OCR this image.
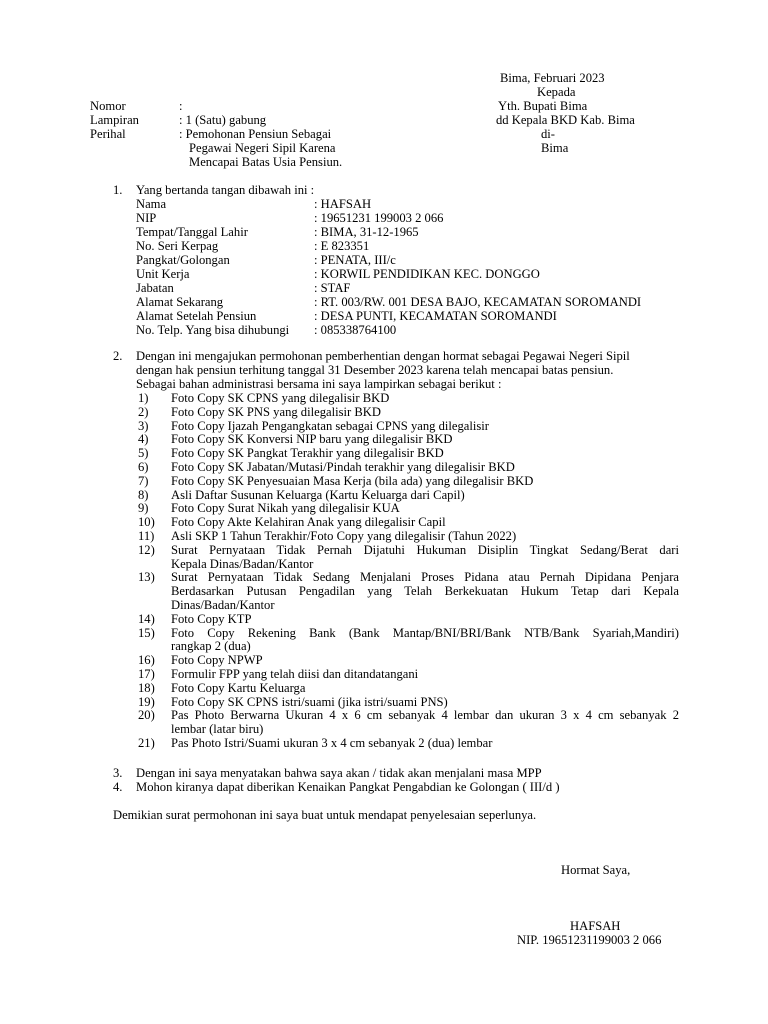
Bima, Februari 2023
Kepada
Yth. Bupati Bima
dd Kepala BKD Kab. Bima
di-
Bima
Nomor	:
Lampiran	: 1 (Satu) gabung
Perihal	: Pemohonan Pensiun Sebagai
Pegawai Negeri Sipil Karena
Mencapai Batas Usia Pensiun.
1. Yang bertanda tangan dibawah ini :
Nama	: HAFSAH
NIP	: 19651231 199003 2 066
Tempat/Tanggal Lahir	: BIMA, 31-12-1965
No. Seri Kerpag	: E 823351
Pangkat/Golongan	: PENATA, III/c
Unit Kerja	: KORWIL PENDIDIKAN KEC. DONGGO
Jabatan	: STAF
Alamat Sekarang	: RT. 003/RW. 001 DESA BAJO, KECAMATAN SOROMANDI
Alamat Setelah Pensiun	: DESA PUNTI, KECAMATAN SOROMANDI
No. Telp. Yang bisa dihubungi : 085338764100
2. Dengan ini mengajukan permohonan pemberhentian dengan hormat sebagai Pegawai Negeri Sipil
dengan hak pensiun terhitung tanggal 31 Desember 2023 karena telah mencapai batas pensiun.
Sebagai bahan administrasi bersama ini saya lampirkan sebagai berikut :
1) Foto Copy SK CPNS yang dilegalisir BKD
2) Foto Copy SK PNS yang dilegalisir BKD
3) Foto Copy Ijazah Pengangkatan sebagai CPNS yang dilegalisir
4) Foto Copy SK Konversi NIP baru yang dilegalisir BKD
5) Foto Copy SK Pangkat Terakhir yang dilegalisir BKD
6) Foto Copy SK Jabatan/Mutasi/Pindah terakhir yang dilegalisir BKD
7) Foto Copy SK Penyesuaian Masa Kerja (bila ada) yang dilegalisir BKD
8) Asli Daftar Susunan Keluarga (Kartu Keluarga dari Capil)
9) Foto Copy Surat Nikah yang dilegalisir KUA
10) Foto Copy Akte Kelahiran Anak yang dilegalisir Capil
11) Asli SKP 1 Tahun Terakhir/Foto Copy yang dilegalisir (Tahun 2022)
12) Surat Pernyataan Tidak Pernah Dijatuhi Hukuman Disiplin Tingkat Sedang/Berat dari
Kepala Dinas/Badan/Kantor
13) Surat Pernyataan Tidak Sedang Menjalani Proses Pidana atau Pernah Dipidana Penjara
Berdasarkan Putusan Pengadilan yang Telah Berkekuatan Hukum Tetap dari Kepala
Dinas/Badan/Kantor
14) Foto Copy KTP
15) Foto Copy Rekening Bank (Bank Mantap/BNI/BRI/Bank NTB/Bank Syariah,Mandiri)
rangkap 2 (dua)
16) Foto Copy NPWP
17) Formulir FPP yang telah diisi dan ditandatangani
18) Foto Copy Kartu Keluarga
19) Foto Copy SK CPNS istri/suami (jika istri/suami PNS)
20) Pas Photo Berwarna Ukuran 4 x 6 cm sebanyak 4 lembar dan ukuran 3 x 4 cm sebanyak 2
lembar (latar biru)
21) Pas Photo Istri/Suami ukuran 3 x 4 cm sebanyak 2 (dua) lembar
3. Dengan ini saya menyatakan bahwa saya akan / tidak akan menjalani masa MPP
4. Mohon kiranya dapat diberikan Kenaikan Pangkat Pengabdian ke Golongan ( III/d )
Demikian surat permohonan ini saya buat untuk mendapat penyelesaian seperlunya.
Hormat Saya,
HAFSAH
NIP. 19651231199003 2 066
